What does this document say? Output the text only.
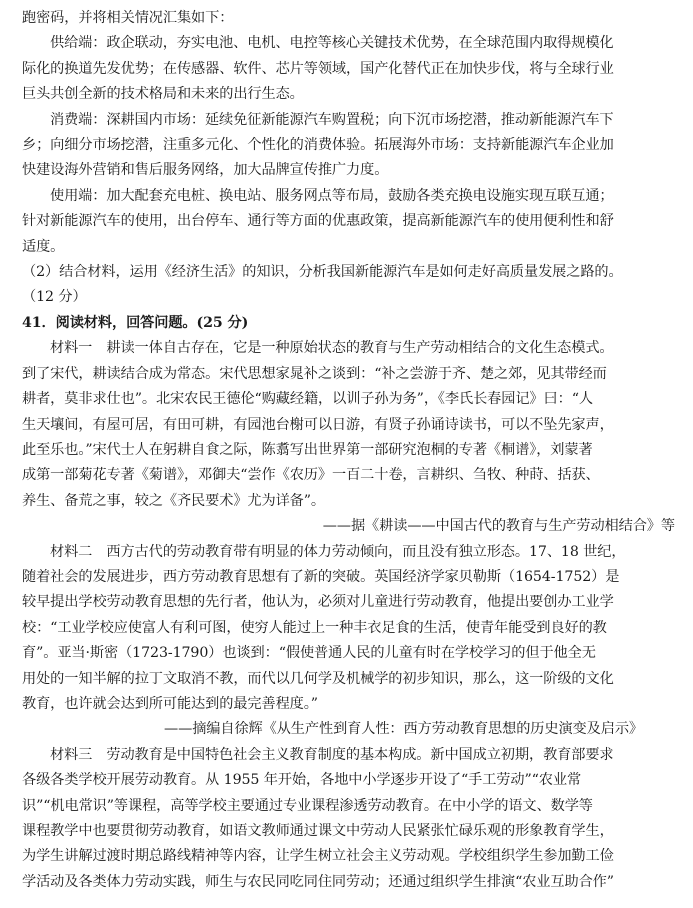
跑密码，并将相关情况汇集如下：
供给端：政企联动，夯实电池、电机、电控等核心关键技术优势，在全球范围内取得规模化
际化的换道先发优势；在传感器、软件、芯片等领域，国产化替代正在加快步伐，将与全球行业
巨头共创全新的技术格局和未来的出行生态。
消费端：深耕国内市场：延续免征新能源汽车购置税；向下沉市场挖潜，推动新能源汽车下
乡；向细分市场挖潜，注重多元化、个性化的消费体验。拓展海外市场：支持新能源汽车企业加
快建设海外营销和售后服务网络，加大品牌宣传推广力度。
使用端：加大配套充电桩、换电站、服务网点等布局，鼓励各类充换电设施实现互联互通；
针对新能源汽车的使用，出台停车、通行等方面的优惠政策，提高新能源汽车的使用便利性和舒
适度。
（2）结合材料，运用《经济生活》的知识，分析我国新能源汽车是如何走好高质量发展之路的。
（12 分）
41．阅读材料，回答问题。(25 分)
材料一　耕读一体自古存在，它是一种原始状态的教育与生产劳动相结合的文化生态模式。
到了宋代，耕读结合成为常态。宋代思想家晁补之谈到：“补之尝游于齐、楚之郊，见其带经而
耕者，莫非求仕也”。北宋农民王德伦“购藏经籍，以训子孙为务”，《李氏长春园记》曰：“人
生天壤间，有屋可居，有田可耕，有园池台榭可以日游，有贤子孙诵诗读书，可以不坠先家声，
此至乐也。”宋代士人在躬耕自食之际，陈翥写出世界第一部研究泡桐的专著《桐谱》，刘蒙著
成第一部菊花专著《菊谱》，邓御夫“尝作《农历》一百二十卷，言耕织、刍牧、种莳、括获、
养生、备荒之事，较之《齐民要术》尤为详备”。
——据《耕读——中国古代的教育与生产劳动相结合》等
材料二　西方古代的劳动教育带有明显的体力劳动倾向，而且没有独立形态。17、18 世纪，
随着社会的发展进步，西方劳动教育思想有了新的突破。英国经济学家贝勒斯（1654-1752）是
较早提出学校劳动教育思想的先行者，他认为，必须对儿童进行劳动教育，他提出要创办工业学
校：“工业学校应使富人有利可图，使穷人能过上一种丰衣足食的生活，使青年能受到良好的教
育”。亚当·斯密（1723-1790）也谈到：“假使普通人民的儿童有时在学校学习的但于他全无
用处的一知半解的拉丁文取消不教，而代以几何学及机械学的初步知识，那么，这一阶级的文化
教育，也许就会达到所可能达到的最完善程度。”
——摘编自徐辉《从生产性到育人性：西方劳动教育思想的历史演变及启示》
材料三　劳动教育是中国特色社会主义教育制度的基本构成。新中国成立初期，教育部要求
各级各类学校开展劳动教育。从 1955 年开始，各地中小学逐步开设了“手工劳动”“农业常
识”“机电常识”等课程，高等学校主要通过专业课程渗透劳动教育。在中小学的语文、数学等
课程教学中也要贯彻劳动教育，如语文教师通过课文中劳动人民紧张忙碌乐观的形象教育学生，
为学生讲解过渡时期总路线精神等内容，让学生树立社会主义劳动观。学校组织学生参加勤工俭
学活动及各类体力劳动实践，师生与农民同吃同住同劳动；还通过组织学生排演“农业互助合作”
